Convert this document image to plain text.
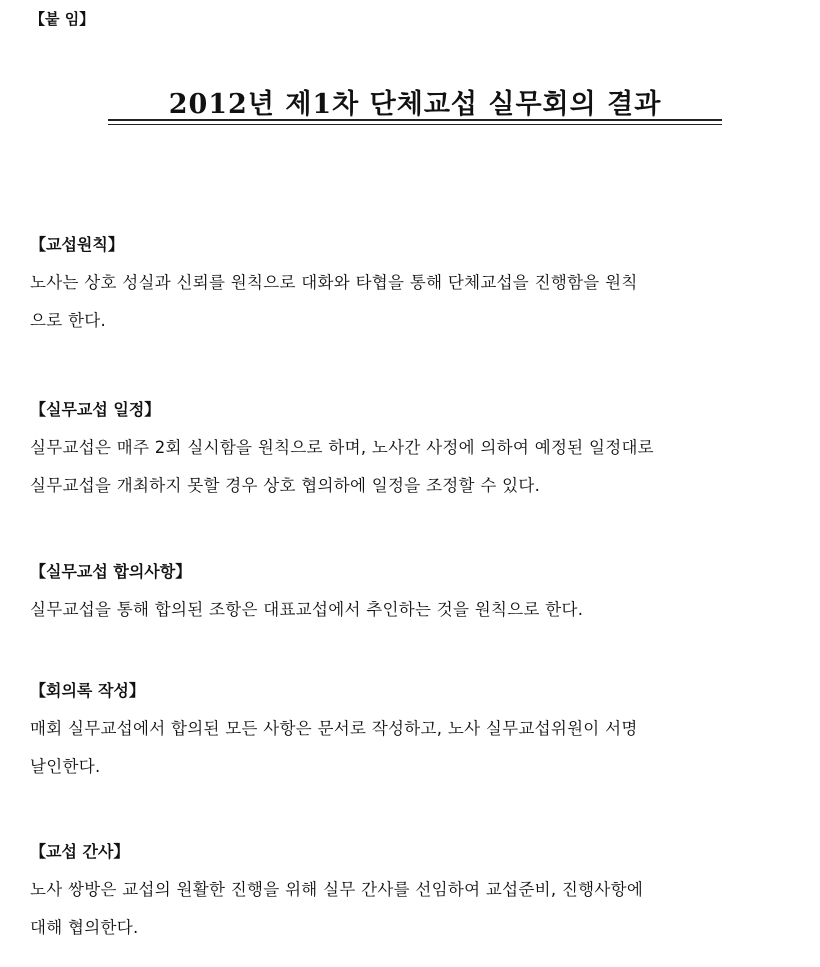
【붙 임】
2012년 제1차 단체교섭 실무회의 결과
【교섭원칙】
노사는 상호 성실과 신뢰를 원칙으로 대화와 타협을 통해 단체교섭을 진행함을 원칙
으로 한다.
【실무교섭 일정】
실무교섭은 매주 2회 실시함을 원칙으로 하며, 노사간 사정에 의하여 예정된 일정대로
실무교섭을 개최하지 못할 경우 상호 협의하에 일정을 조정할 수 있다.
【실무교섭 합의사항】
실무교섭을 통해 합의된 조항은 대표교섭에서 추인하는 것을 원칙으로 한다.
【회의록 작성】
매회 실무교섭에서 합의된 모든 사항은 문서로 작성하고, 노사 실무교섭위원이 서명
날인한다.
【교섭 간사】
노사 쌍방은 교섭의 원활한 진행을 위해 실무 간사를 선임하여 교섭준비, 진행사항에
대해 협의한다.
